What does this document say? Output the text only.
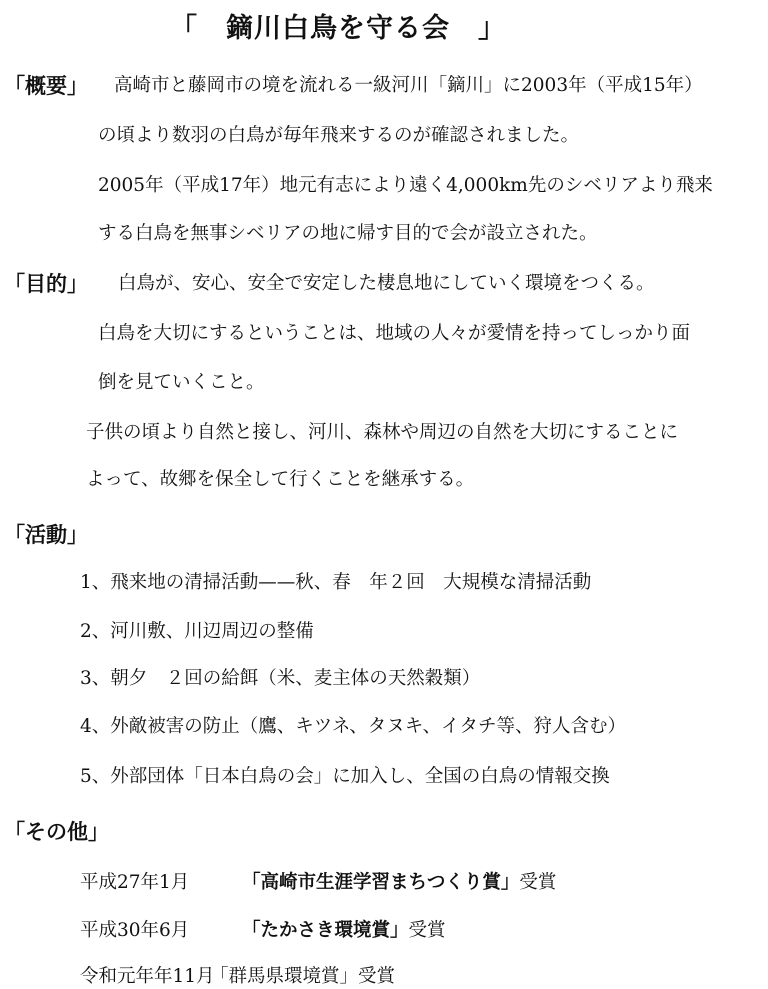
「　鏑川白鳥を守る会　」
「概要」 高崎市と藤岡市の境を流れる一級河川「鏑川」に2003年（平成15年）
の頃より数羽の白鳥が毎年飛来するのが確認されました。
2005年（平成17年）地元有志により遠く4,000km先のシベリアより飛来
する白鳥を無事シベリアの地に帰す目的で会が設立された。
「目的」 白鳥が、安心、安全で安定した棲息地にしていく環境をつくる。
白鳥を大切にするということは、地域の人々が愛情を持ってしっかり面
倒を見ていくこと。
子供の頃より自然と接し、河川、森林や周辺の自然を大切にすることに
よって、故郷を保全して行くことを継承する。
「活動」
1、飛来地の清掃活動——秋、春　年２回　大規模な清掃活動
2、河川敷、川辺周辺の整備
3、朝夕　２回の給餌（米、麦主体の天然穀類）
4、外敵被害の防止（鷹、キツネ、タヌキ、イタチ等、狩人含む）
5、外部団体「日本白鳥の会」に加入し、全国の白鳥の情報交換
「その他」
平成27年1月	「高崎市生涯学習まちつくり賞」受賞
平成30年6月	「たかさき環境賞」受賞
令和元年年11月
「群馬県環境賞」受賞
